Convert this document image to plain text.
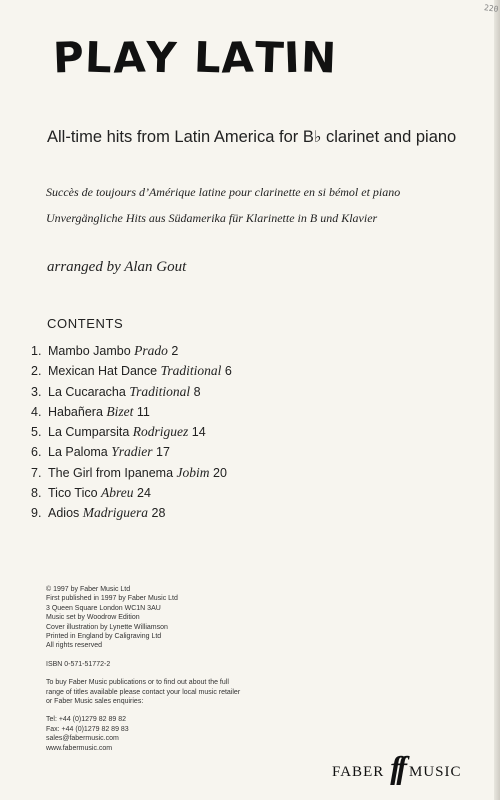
220
PLAY LATIN
All-time hits from Latin America for B♭ clarinet and piano
Succès de toujours d’Amérique latine pour clarinette en si bémol et piano
Unvergängliche Hits aus Südamerika für Klarinette in B und Klavier
arranged by Alan Gout
CONTENTS
1. Mambo Jambo Prado 2
2. Mexican Hat Dance Traditional 6
3. La Cucaracha Traditional 8
4. Habañera Bizet 11
5. La Cumparsita Rodriguez 14
6. La Paloma Yradier 17
7. The Girl from Ipanema Jobim 20
8. Tico Tico Abreu 24
9. Adios Madriguera 28
© 1997 by Faber Music Ltd
First published in 1997 by Faber Music Ltd
3 Queen Square London WC1N 3AU
Music set by Woodrow Edition
Cover illustration by Lynette Williamson
Printed in England by Caligraving Ltd
All rights reserved
ISBN 0-571-51772-2
To buy Faber Music publications or to find out about the full
range of titles available please contact your local music retailer
or Faber Music sales enquiries:
Tel: +44 (0)1279 82 89 82
Fax: +44 (0)1279 82 89 83
sales@fabermusic.com
www.fabermusic.com
FABER ff MUSIC
